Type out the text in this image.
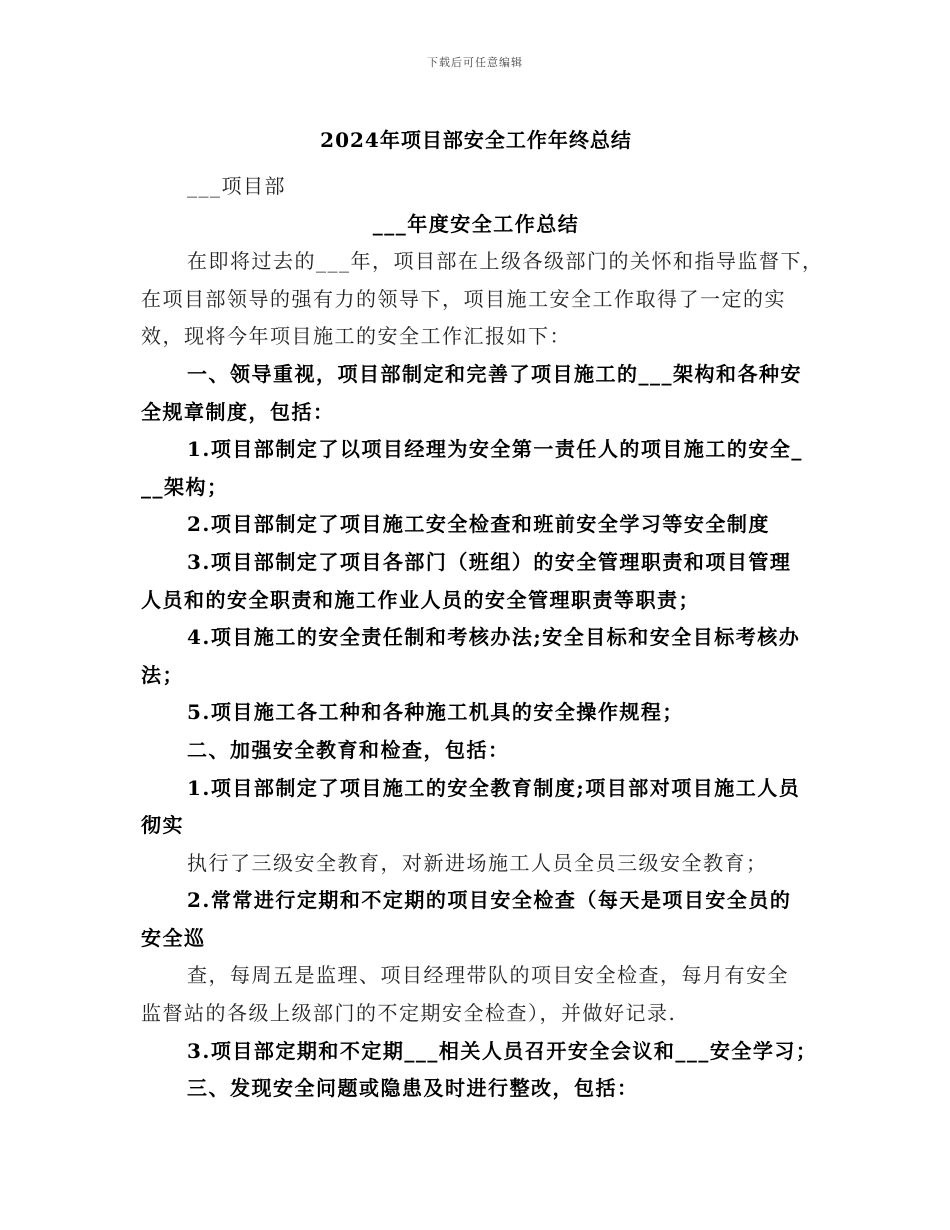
下载后可任意编辑
2024年项目部安全工作年终总结
___项目部
___年度安全工作总结
在即将过去的___年，项目部在上级各级部门的关怀和指导监督下，
在项目部领导的强有力的领导下，项目施工安全工作取得了一定的实
效，现将今年项目施工的安全工作汇报如下：
一、领导重视，项目部制定和完善了项目施工的___架构和各种安
全规章制度，包括：
1.项目部制定了以项目经理为安全第一责任人的项目施工的安全_
__架构；
2.项目部制定了项目施工安全检查和班前安全学习等安全制度
3.项目部制定了项目各部门（班组）的安全管理职责和项目管理
人员和的安全职责和施工作业人员的安全管理职责等职责；
4.项目施工的安全责任制和考核办法;安全目标和安全目标考核办
法；
5.项目施工各工种和各种施工机具的安全操作规程；
二、加强安全教育和检查，包括：
1.项目部制定了项目施工的安全教育制度;项目部对项目施工人员
彻实
执行了三级安全教育，对新进场施工人员全员三级安全教育；
2.常常进行定期和不定期的项目安全检查（每天是项目安全员的
安全巡
查，每周五是监理、项目经理带队的项目安全检查，每月有安全
监督站的各级上级部门的不定期安全检查），并做好记录.
3.项目部定期和不定期___相关人员召开安全会议和___安全学习；
三、发现安全问题或隐患及时进行整改，包括：
